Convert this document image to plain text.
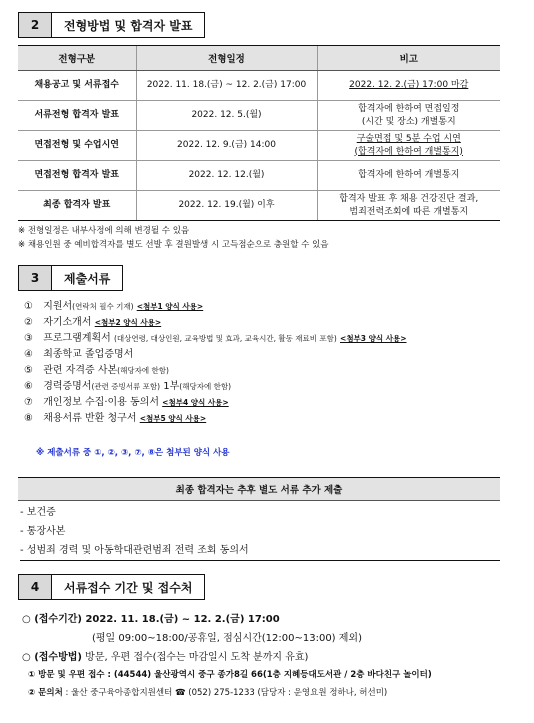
2	전형방법 및 합격자 발표
전형구분	전형일정	비고
채용공고 및 서류접수	2022. 11. 18.(금) ~ 12. 2.(금) 17:00	2022. 12. 2.(금) 17:00 마감
서류전형 합격자 발표	2022. 12. 5.(월)	합격자에 한하여 면접일정
(시간 및 장소) 개별통지

면접전형 및 수업시연	2022. 12. 9.(금) 14:00	구술면접 및 5분 수업 시연
(합격자에 한하여 개별통지)

면접전형 합격자 발표	2022. 12. 12.(월)	합격자에 한하여 개별통지
최종 합격자 발표	2022. 12. 19.(월) 이후	합격자 발표 후 채용 건강진단 결과,
범죄전력조회에 따른 개별통지
※ 전형일정은 내부사정에 의해 변경될 수 있음
※ 채용인원 중 예비합격자를 별도 선발 후 결원발생 시 고득점순으로 충원할 수 있음
3	제출서류
① 지원서(연락처 필수 기재) <첨부1 양식 사용>
② 자기소개서 <첨부2 양식 사용>
③ 프로그램계획서 (대상연령, 대상인원, 교육방법 및 효과, 교육시간, 활동 재료비 포함) <첨부3 양식 사용>
④ 최종학교 졸업증명서
⑤ 관련 자격증 사본(해당자에 한함)
⑥ 경력증명서(관련 증빙서류 포함) 1부(해당자에 한함)
⑦ 개인정보 수집·이용 동의서 <첨부4 양식 사용>
⑧ 채용서류 반환 청구서 <첨부5 양식 사용>
※ 제출서류 중 ①, ②, ③, ⑦, ⑧은 첨부된 양식 사용
최종 합격자는 추후 별도 서류 추가 제출
- 보건증
- 통장사본
- 성범죄 경력 및 아동학대관련범죄 전력 조회 동의서
4	서류접수 기간 및 접수처
○ (접수기간) 2022. 11. 18.(금) ~ 12. 2.(금) 17:00
(평일 09:00~18:00/공휴일, 점심시간(12:00~13:00) 제외)
○ (접수방법) 방문, 우편 접수(접수는 마감일시 도착 분까지 유효)
① 방문 및 우편 접수 : (44544) 울산광역시 중구 종가8길 66(1층 지혜등대도서관 / 2층 바다친구 놀이터)
② 문의처 : 울산 중구육아종합지원센터 ☎ (052) 275-1233 (담당자 : 운영요원 정하나, 허선미)
